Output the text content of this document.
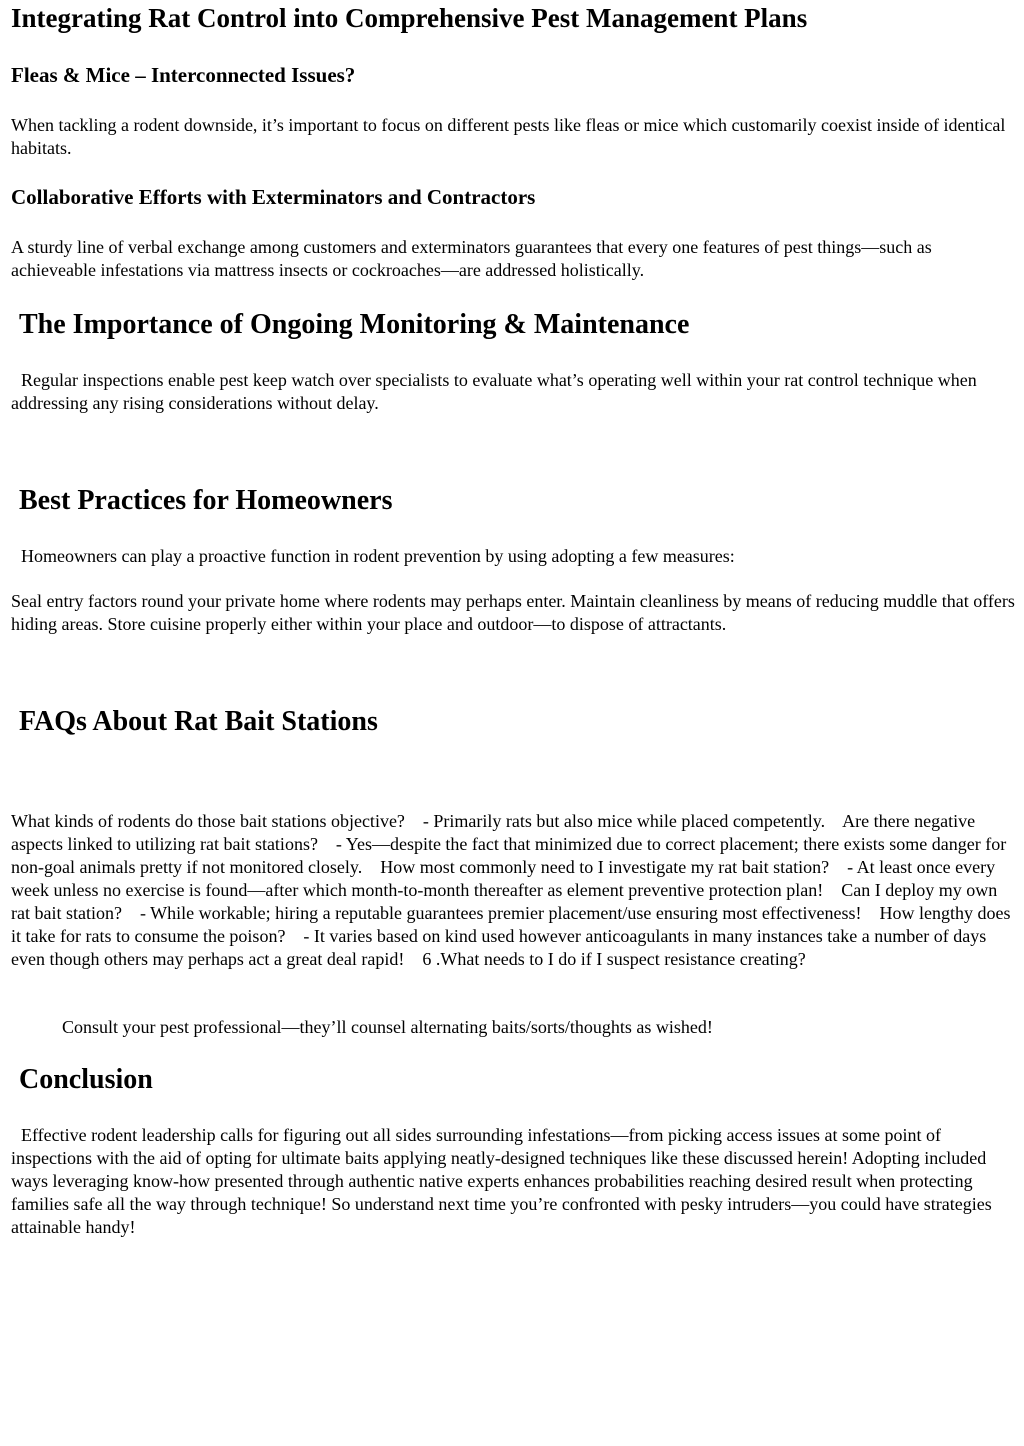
Integrating Rat Control into Comprehensive Pest Management Plans
Fleas & Mice – Interconnected Issues?

When tackling a rodent downside, it’s important to focus on different pests like fleas or mice which customarily coexist inside of identical habitats.

Collaborative Efforts with Exterminators and Contractors

A sturdy line of verbal exchange among customers and exterminators guarantees that every one features of pest things—such as achieveable infestations via mattress insects or cockroaches—are addressed holistically.

The Importance of Ongoing Monitoring & Maintenance

Regular inspections enable pest keep watch over specialists to evaluate what’s operating well within your rat control technique when addressing any rising considerations without delay.

Best Practices for Homeowners

Homeowners can play a proactive function in rodent prevention by using adopting a few measures:

Seal entry factors round your private home where rodents may perhaps enter. Maintain cleanliness by means of reducing muddle that offers hiding areas. Store cuisine properly either within your place and outdoor—to dispose of attractants.

FAQs About Rat Bait Stations

What kinds of rodents do those bait stations objective?    - Primarily rats but also mice while placed competently.    Are there negative aspects linked to utilizing rat bait stations?    - Yes—despite the fact that minimized due to correct placement; there exists some danger for non-goal animals pretty if not monitored closely.    How most commonly need to I investigate my rat bait station?    - At least once every week unless no exercise is found—after which month-to-month thereafter as element preventive protection plan!    Can I deploy my own rat bait station?    - While workable; hiring a reputable guarantees premier placement/use ensuring most effectiveness!    How lengthy does it take for rats to consume the poison?    - It varies based on kind used however anticoagulants in many instances take a number of days even though others may perhaps act a great deal rapid!    6 .What needs to I do if I suspect resistance creating?

Consult your pest professional—they’ll counsel alternating baits/sorts/thoughts as wished!

Conclusion

Effective rodent leadership calls for figuring out all sides surrounding infestations—from picking access issues at some point of inspections with the aid of opting for ultimate baits applying neatly-designed techniques like these discussed herein! Adopting included ways leveraging know-how presented through authentic native experts enhances probabilities reaching desired result when protecting families safe all the way through technique! So understand next time you’re confronted with pesky intruders—you could have strategies attainable handy!
